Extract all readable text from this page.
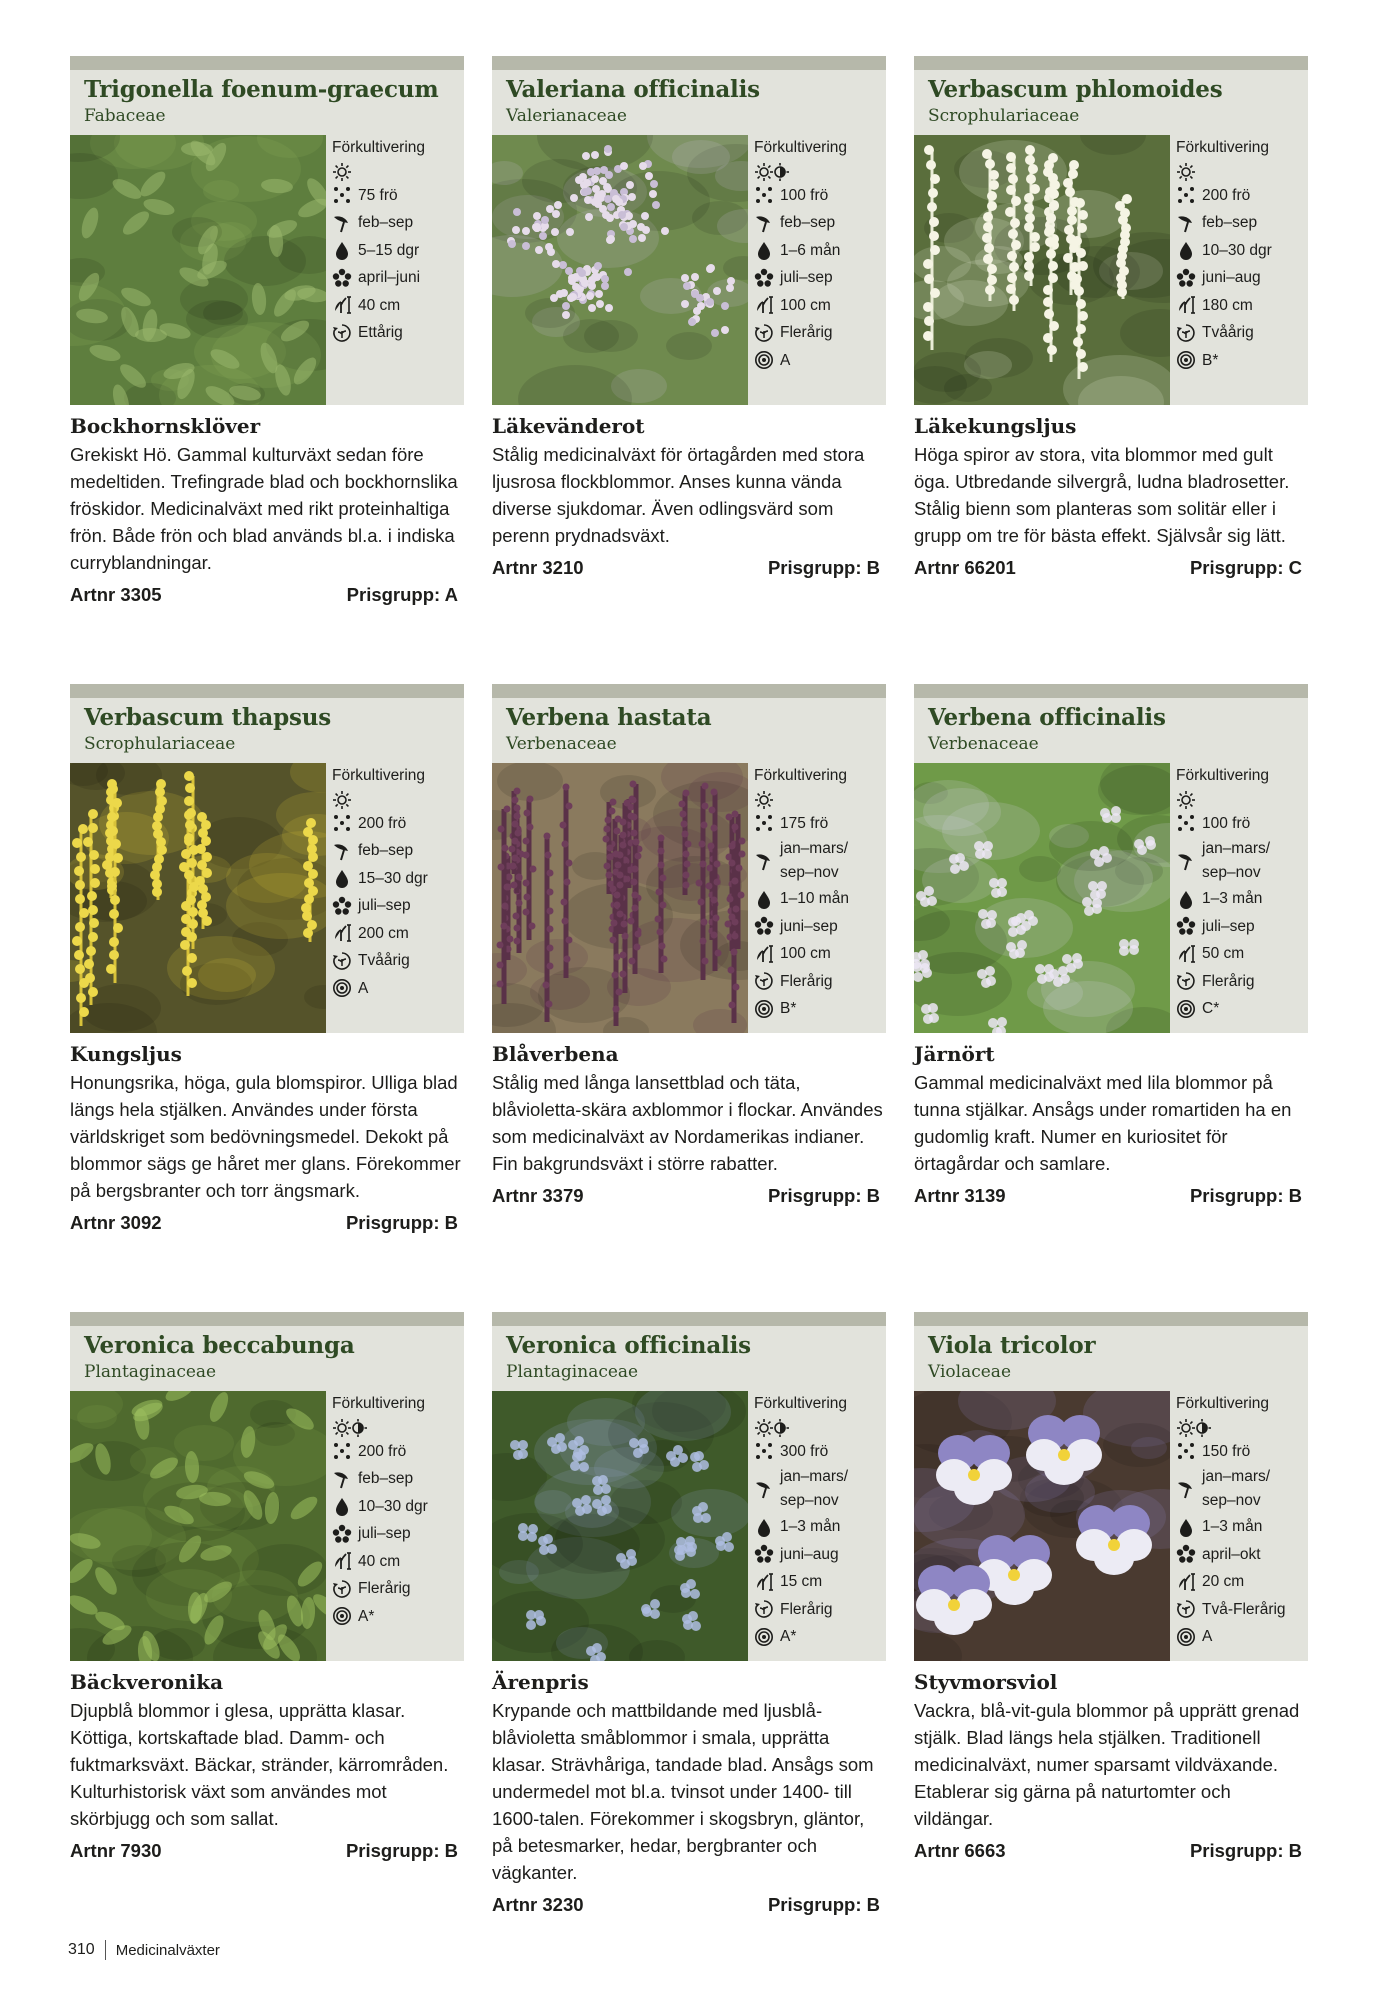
Trigonella foenum-graecum
Fabaceae
Förkultivering
75 frö
feb–sep
5–15 dgr
april–juni
40 cm
Ettårig
Bockhornsklöver
Grekiskt Hö. Gammal kulturväxt sedan före medeltiden. Trefingrade blad och bockhornslika fröskidor. Medicinalväxt med rikt proteinhaltiga frön. Både frön och blad används bl.a. i indiska curryblandningar.
Artnr 3305	Prisgrupp: A
Valeriana officinalis
Valerianaceae
Förkultivering
100 frö
feb–sep
1–6 mån
juli–sep
100 cm
Flerårig
A
Läkevänderot
Stålig medicinalväxt för örtagården med stora ljusrosa flockblommor. Anses kunna vända diverse sjukdomar. Även odlingsvärd som perenn prydnadsväxt.
Artnr 3210	Prisgrupp: B
Verbascum phlomoides
Scrophulariaceae
Förkultivering
200 frö
feb–sep
10–30 dgr
juni–aug
180 cm
Tvåårig
B*
Läkekungsljus
Höga spiror av stora, vita blommor med gult öga. Utbredande silvergrå, ludna bladrosetter. Stålig bienn som planteras som solitär eller i grupp om tre för bästa effekt. Självsår sig lätt.
Artnr 66201	Prisgrupp: C
Verbascum thapsus
Scrophulariaceae
Förkultivering
200 frö
feb–sep
15–30 dgr
juli–sep
200 cm
Tvåårig
A
Kungsljus
Honungsrika, höga, gula blomspiror. Ulliga blad längs hela stjälken. Användes under första världskriget som bedövningsmedel. Dekokt på blommor sägs ge håret mer glans. Förekommer på bergsbranter och torr ängsmark.
Artnr 3092	Prisgrupp: B
Verbena hastata
Verbenaceae
Förkultivering
175 frö
jan–mars/ sep–nov
1–10 mån
juni–sep
100 cm
Flerårig
B*
Blåverbena
Stålig med långa lansettblad och täta, blåvioletta-skära axblommor i flockar. Användes som medicinalväxt av Nordamerikas indianer. Fin bakgrundsväxt i större rabatter.
Artnr 3379	Prisgrupp: B
Verbena officinalis
Verbenaceae
Förkultivering
100 frö
jan–mars/ sep–nov
1–3 mån
juli–sep
50 cm
Flerårig
C*
Järnört
Gammal medicinalväxt med lila blommor på tunna stjälkar. Ansågs under romartiden ha en gudomlig kraft. Numer en kuriositet för örtagårdar och samlare.
Artnr 3139	Prisgrupp: B
Veronica beccabunga
Plantaginaceae
Förkultivering
200 frö
feb–sep
10–30 dgr
juli–sep
40 cm
Flerårig
A*
Bäckveronika
Djupblå blommor i glesa, upprätta klasar. Köttiga, kortskaftade blad. Damm- och fuktmarksväxt. Bäckar, stränder, kärrområden. Kulturhistorisk växt som användes mot skörbjugg och som sallat.
Artnr 7930	Prisgrupp: B
Veronica officinalis
Plantaginaceae
Förkultivering
300 frö
jan–mars/ sep–nov
1–3 mån
juni–aug
15 cm
Flerårig
A*
Ärenpris
Krypande och mattbildande med ljusblå-blåvioletta småblommor i smala, upprätta klasar. Strävhåriga, tandade blad. Ansågs som undermedel mot bl.a. tvinsot under 1400- till 1600-talen. Förekommer i skogsbryn, gläntor, på betesmarker, hedar, bergbranter och vägkanter.
Artnr 3230	Prisgrupp: B
Viola tricolor
Violaceae
Förkultivering
150 frö
jan–mars/ sep–nov
1–3 mån
april–okt
20 cm
Två-Flerårig
A
Styvmorsviol
Vackra, blå-vit-gula blommor på upprätt grenad stjälk. Blad längs hela stjälken. Traditionell medicinalväxt, numer sparsamt vildväxande. Etablerar sig gärna på naturtomter och vildängar.
Artnr 6663	Prisgrupp: B
310 Medicinalväxter
